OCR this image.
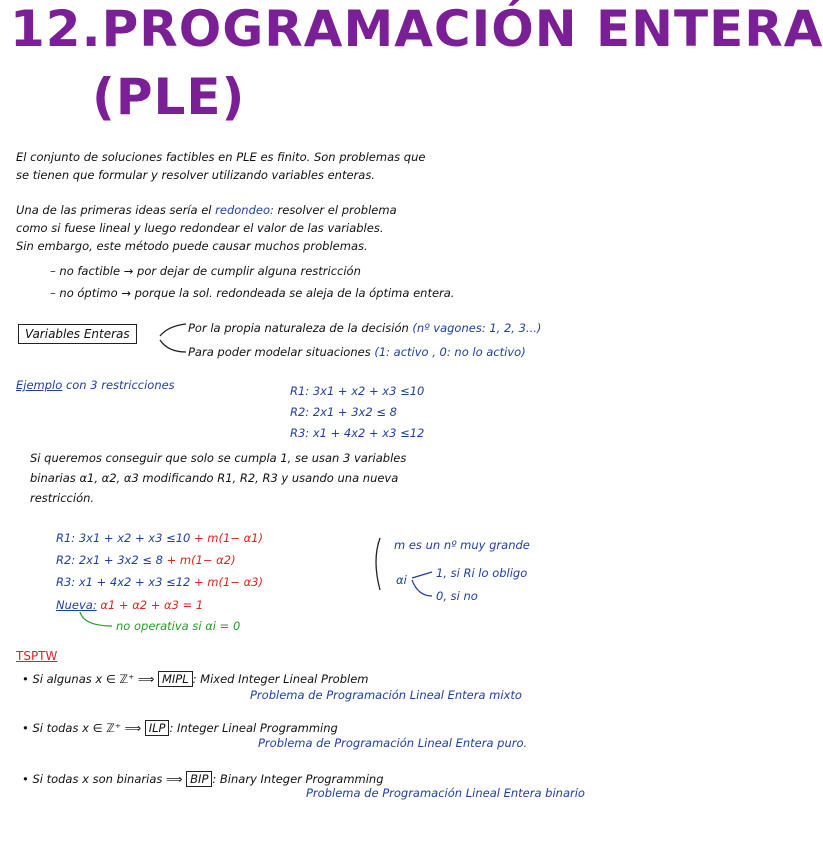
12.PROGRAMACIÓN ENTERA
(PLE)
El conjunto de soluciones factibles en PLE es finito. Son problemas que
se tienen que formular y resolver utilizando variables enteras.
Una de las primeras ideas sería el redondeo: resolver el problema
como si fuese lineal y luego redondear el valor de las variables.
Sin embargo, este método puede causar muchos problemas.
– no factible → por dejar de cumplir alguna restricción
– no óptimo → porque la sol. redondeada se aleja de la óptima entera.
Variables Enteras	Por la propia naturaleza de la decisión (nº vagones: 1, 2, 3...)
Para poder modelar situaciones (1: activo , 0: no lo activo)
Ejemplo con 3 restricciones	R1: 3x1 + x2 + x3 ≤10
R2: 2x1 + 3x2 ≤ 8
R3: x1 + 4x2 + x3 ≤12
Si queremos conseguir que solo se cumpla 1, se usan 3 variables
binarias α1, α2, α3 modificando R1, R2, R3 y usando una nueva
restricción.
R1: 3x1 + x2 + x3 ≤10 + m(1− α1)
R2: 2x1 + 3x2 ≤ 8 + m(1− α2)
R3: x1 + 4x2 + x3 ≤12 + m(1− α3)
Nueva: α1 + α2 + α3 = 1
no operativa si αi = 0
m es un nº muy grande
αi	1, si Ri lo obligo
0, si no
TSPTW
• Si algunas x ∈ ℤ⁺ ⟹ MIPL : Mixed Integer Lineal Problem
Problema de Programación Lineal Entera mixto
• Si todas x ∈ ℤ⁺ ⟹ ILP : Integer Lineal Programming
Problema de Programación Lineal Entera puro.
• Si todas x son binarias ⟹ BIP : Binary Integer Programming
Problema de Programación Lineal Entera binario
